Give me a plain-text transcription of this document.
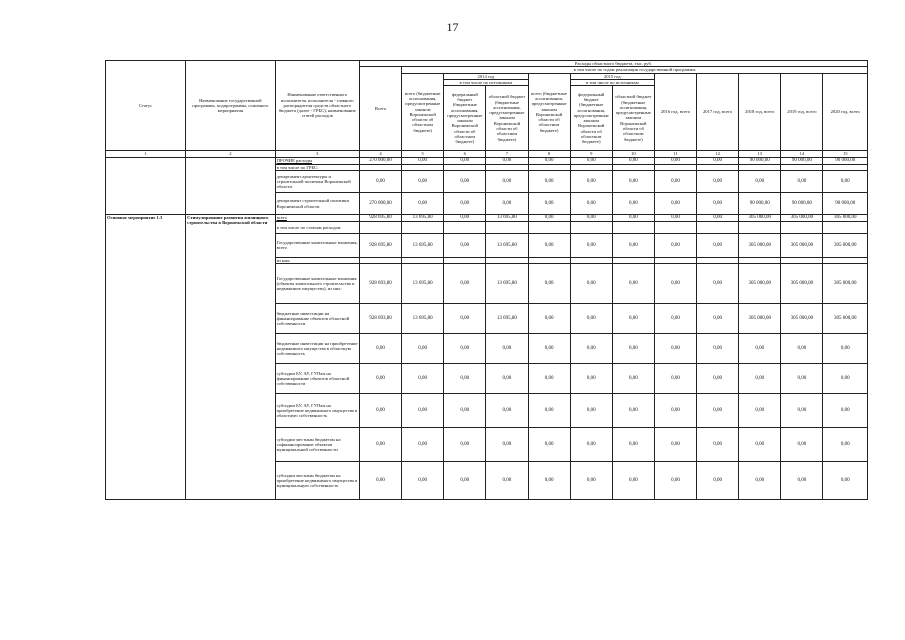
17
Статус	Наименование государственной программы, подпрограммы, основного мероприятия	Наименование ответственного исполнителя, исполнителя - главного распорядителя средств областного бюджета (далее - ГРБС), наименование статей расходов	Расходы областного бюджета, тыс. руб.											
			Всего	в том числе по годам реализации государственной программы										
				всего (бюджетные ассигнования, предусмотренные законом Воронежской области об областном бюджете)	2014 год		всего (бюджетные ассигнования, предусмотренные законом Воронежской области об областном бюджете)	2015 год		2016 год, всего	2017 год, всего	2018 год, всего	2019 год, всего	2020 год, всего
					в том числе по источникам			в том числе по источникам						
					федеральный бюджет (бюджетные ассигнования, предусмотренные законом Воронежской области об областном бюджете)	областной бюджет (бюджетные ассигнования, предусмотренные законом Воронежской области об областном бюджете)		федеральный бюджет (бюджетные ассигнования, предусмотренные законом Воронежской области об областном бюджете)	областной бюджет (бюджетные ассигнования, предусмотренные законом Воронежской области об областном бюджете)					
1	2	3	4	5	6	7	8	9	10	11	12	13	14	15
		ПРОЧИЕ расходы	270 000,00	0,00	0,00	0,00	0,00	0,00	0,00	0,00	0,00	90 000,00	90 000,00	90 000,00
		в том числе по ГРБС:												
		департамент архитектуры и строительной политики Воронежской области	0,00	0,00	0,00	0,00	0,00	0,00	0,00	0,00	0,00	0,00	0,00	0,00
		департамент строительной политики Воронежской области	270 000,00	0,00	0,00	0,00	0,00	0,00	0,00	0,00	0,00	90 000,00	90 000,00	90 000,00
Основное мероприятие 1.3	Стимулирование развития жилищного строительства в Воронежской области	всего	928 695,80	13 695,80	0,00	13 695,80	0,00	0,00	0,00	0,00	0,00	305 000,00	305 000,00	305 000,00
		в том числе по статьям расходов:												
		Государственные капитальные вложения, всего	928 695,80	13 695,80	0,00	13 695,80	0,00	0,00	0,00	0,00	0,00	305 000,00	305 000,00	305 000,00
		из них:												
		Государственные капитальные вложения (объекты капитального строительства и недвижимое имущество), из них:	928 693,80	13 695,80	0,00	13 695,80	0,00	0,00	0,00	0,00	0,00	305 000,00	305 000,00	305 000,00
		бюджетные инвестиции на финансирование объектов областной собственности	928 693,80	13 695,80	0,00	13 695,80	0,00	0,00	0,00	0,00	0,00	305 000,00	305 000,00	305 000,00
		бюджетные инвестиции на приобретение недвижимого имущества в областную собственность	0,00	0,00	0,00	0,00	0,00	0,00	0,00	0,00	0,00	0,00	0,00	0,00
		субсидии БУ, АУ, ГУПам на финансирование объектов областной собственности	0,00	0,00	0,00	0,00	0,00	0,00	0,00	0,00	0,00	0,00	0,00	0,00
		субсидии БУ, АУ, ГУПам на приобретение недвижимого имущества в областную собственность	0,00	0,00	0,00	0,00	0,00	0,00	0,00	0,00	0,00	0,00	0,00	0,00
		субсидии местным бюджетам на софинансирование объектов муниципальной собственности	0,00	0,00	0,00	0,00	0,00	0,00	0,00	0,00	0,00	0,00	0,00	0,00
		субсидии местным бюджетам на приобретение недвижимого имущества в муниципальную собственность	0,00	0,00	0,00	0,00	0,00	0,00	0,00	0,00	0,00	0,00	0,00	0,00
